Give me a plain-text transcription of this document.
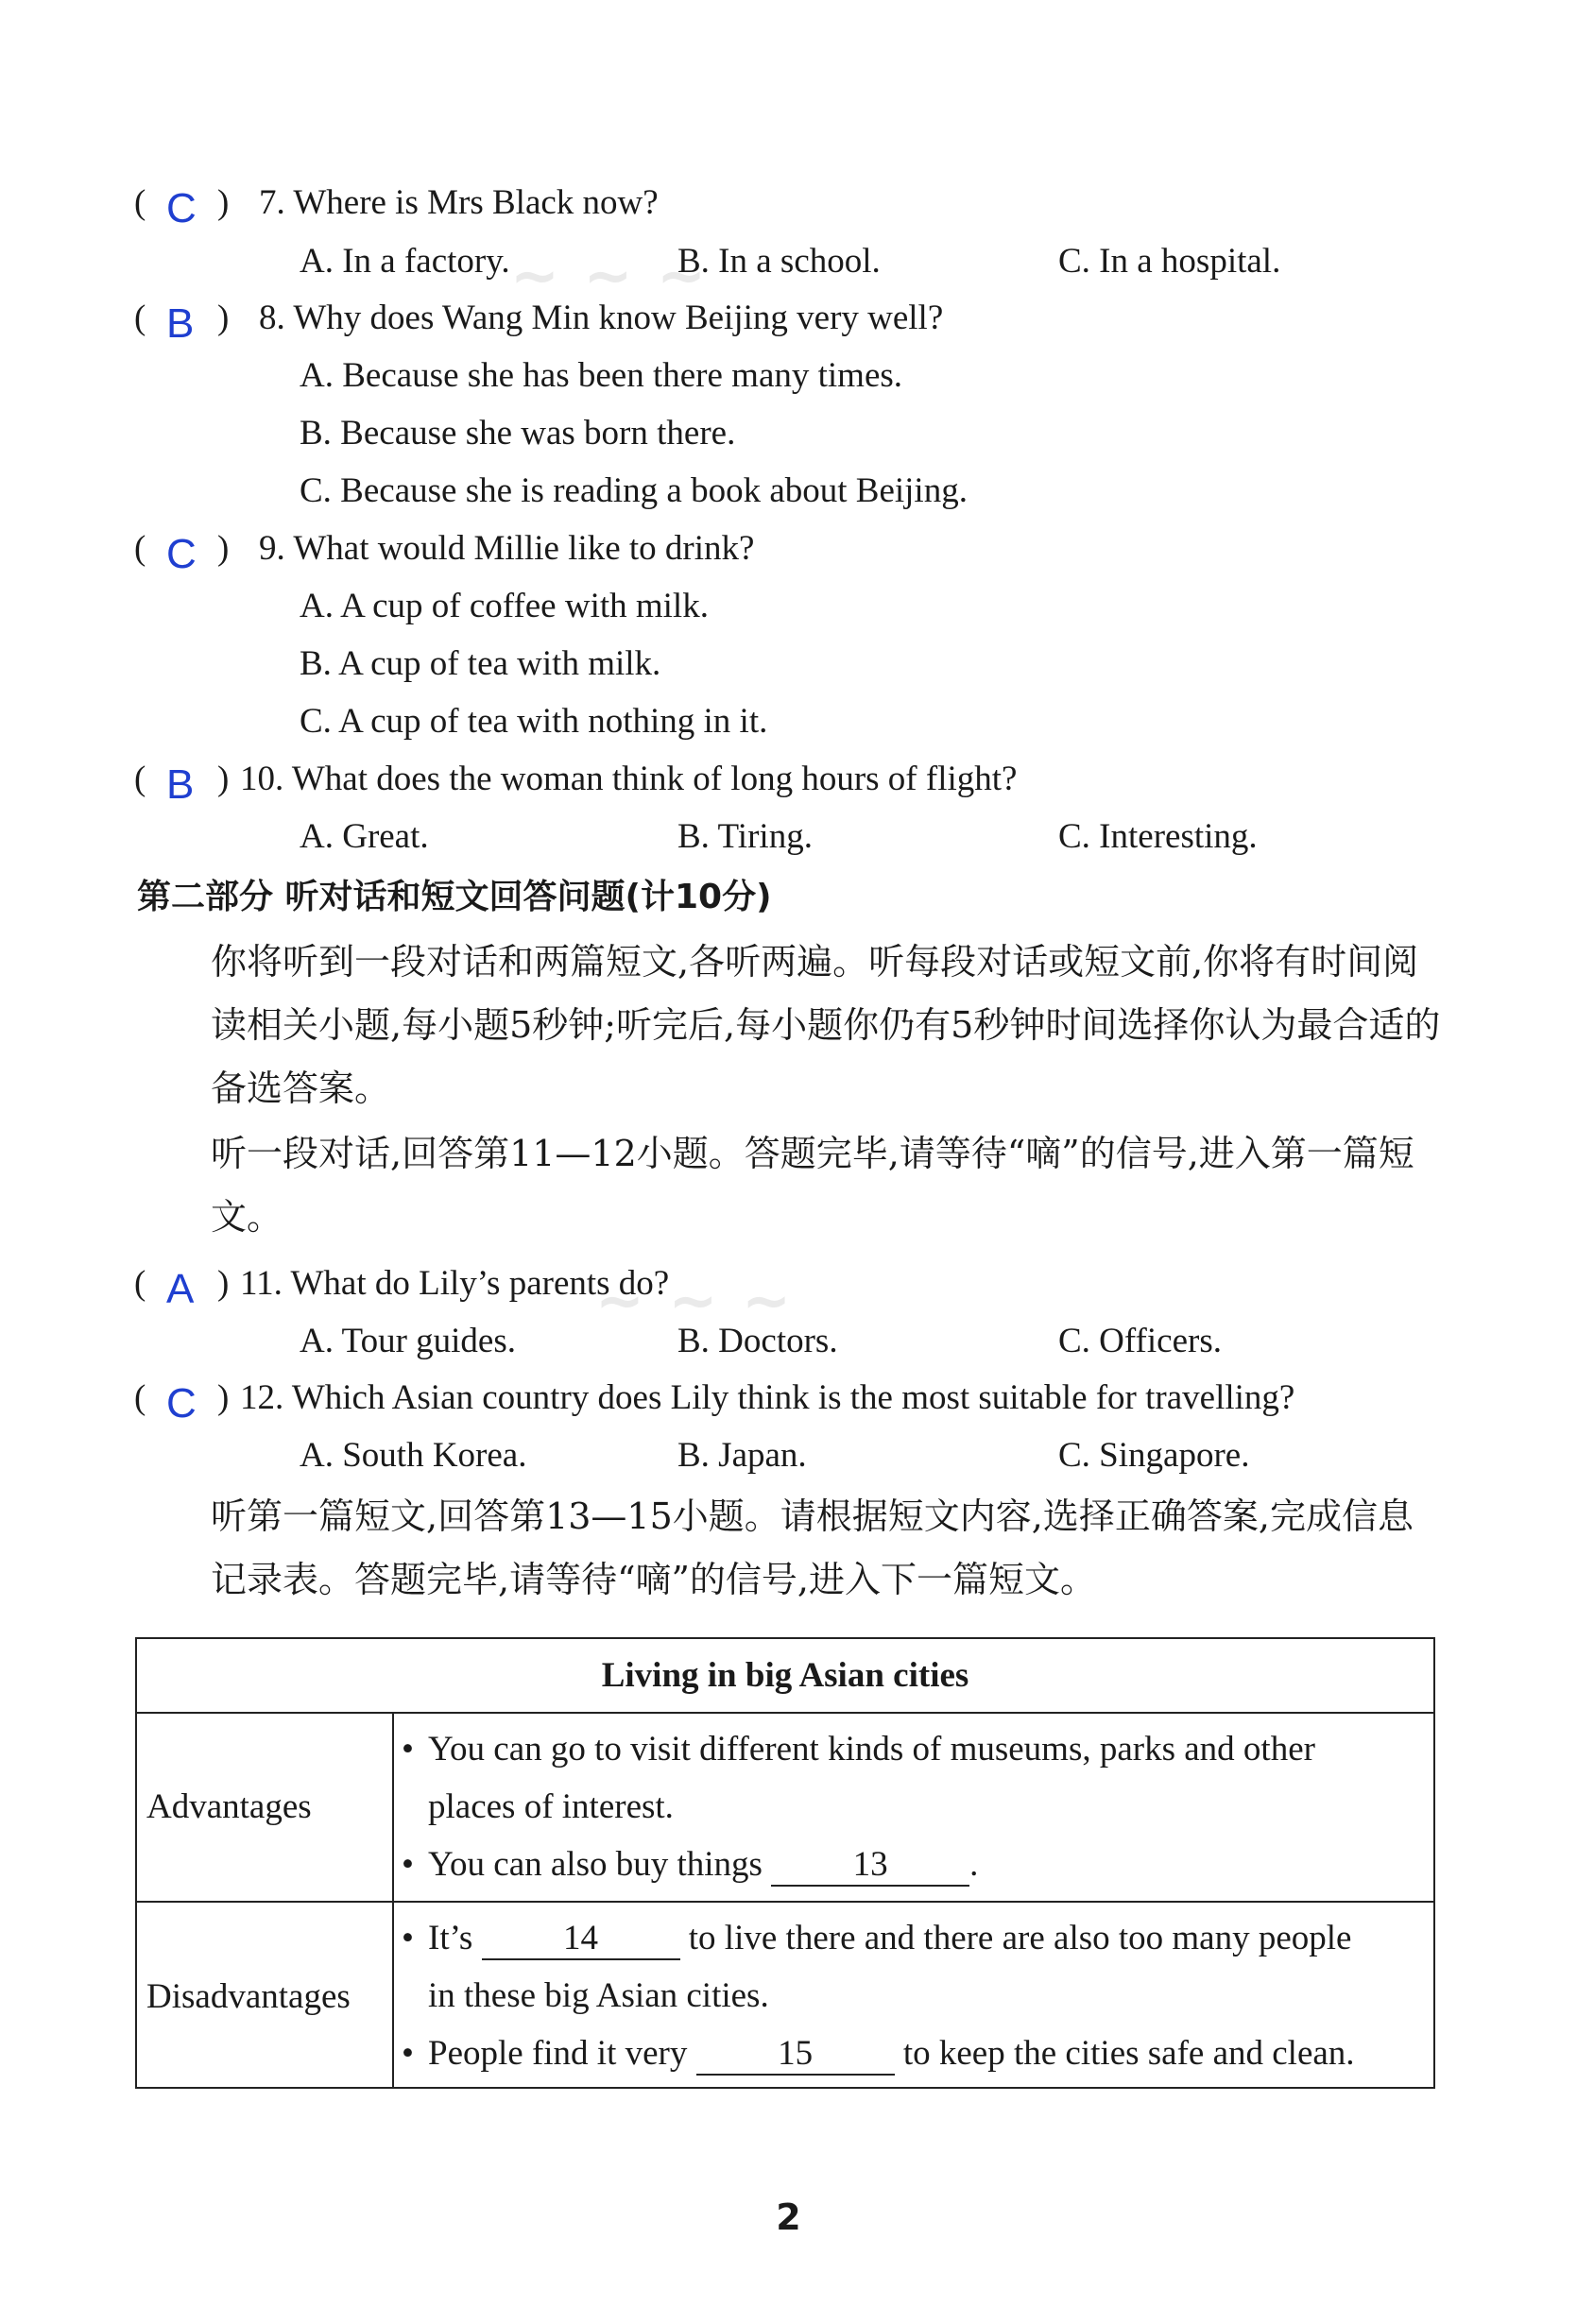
( C ) 7. Where is Mrs Black now?
A. In a factory.	B. In a school.	C. In a hospital.
( B ) 8. Why does Wang Min know Beijing very well?
A. Because she has been there many times.
B. Because she was born there.
C. Because she is reading a book about Beijing.
( C ) 9. What would Millie like to drink?
A. A cup of coffee with milk.
B. A cup of tea with milk.
C. A cup of tea with nothing in it.
( B ) 10. What does the woman think of long hours of flight?
A. Great.	B. Tiring.	C. Interesting.
第二部分 听对话和短文回答问题(计10分)
你将听到一段对话和两篇短文,各听两遍。听每段对话或短文前,你将有时间阅读相关小题,每小题5秒钟;听完后,每小题你仍有5秒钟时间选择你认为最合适的备选答案。
听一段对话,回答第11—12小题。答题完毕,请等待“嘀”的信号,进入第一篇短文。
( A ) 11. What do Lily’s parents do?
A. Tour guides.	B. Doctors.	C. Officers.
( C ) 12. Which Asian country does Lily think is the most suitable for travelling?
A. South Korea.	B. Japan.	C. Singapore.
听第一篇短文,回答第13—15小题。请根据短文内容,选择正确答案,完成信息记录表。答题完毕,请等待“嘀”的信号,进入下一篇短文。
Living in big Asian cities
Advantages
• You can go to visit different kinds of museums, parks and other
places of interest.
• You can also buy things	13 .
Disadvantages
• It’s	14	to live there and there are also too many people
in these big Asian cities.
• People find it very	15	to keep the cities safe and clean.
2
~ ~ ~
~ ~ ~
